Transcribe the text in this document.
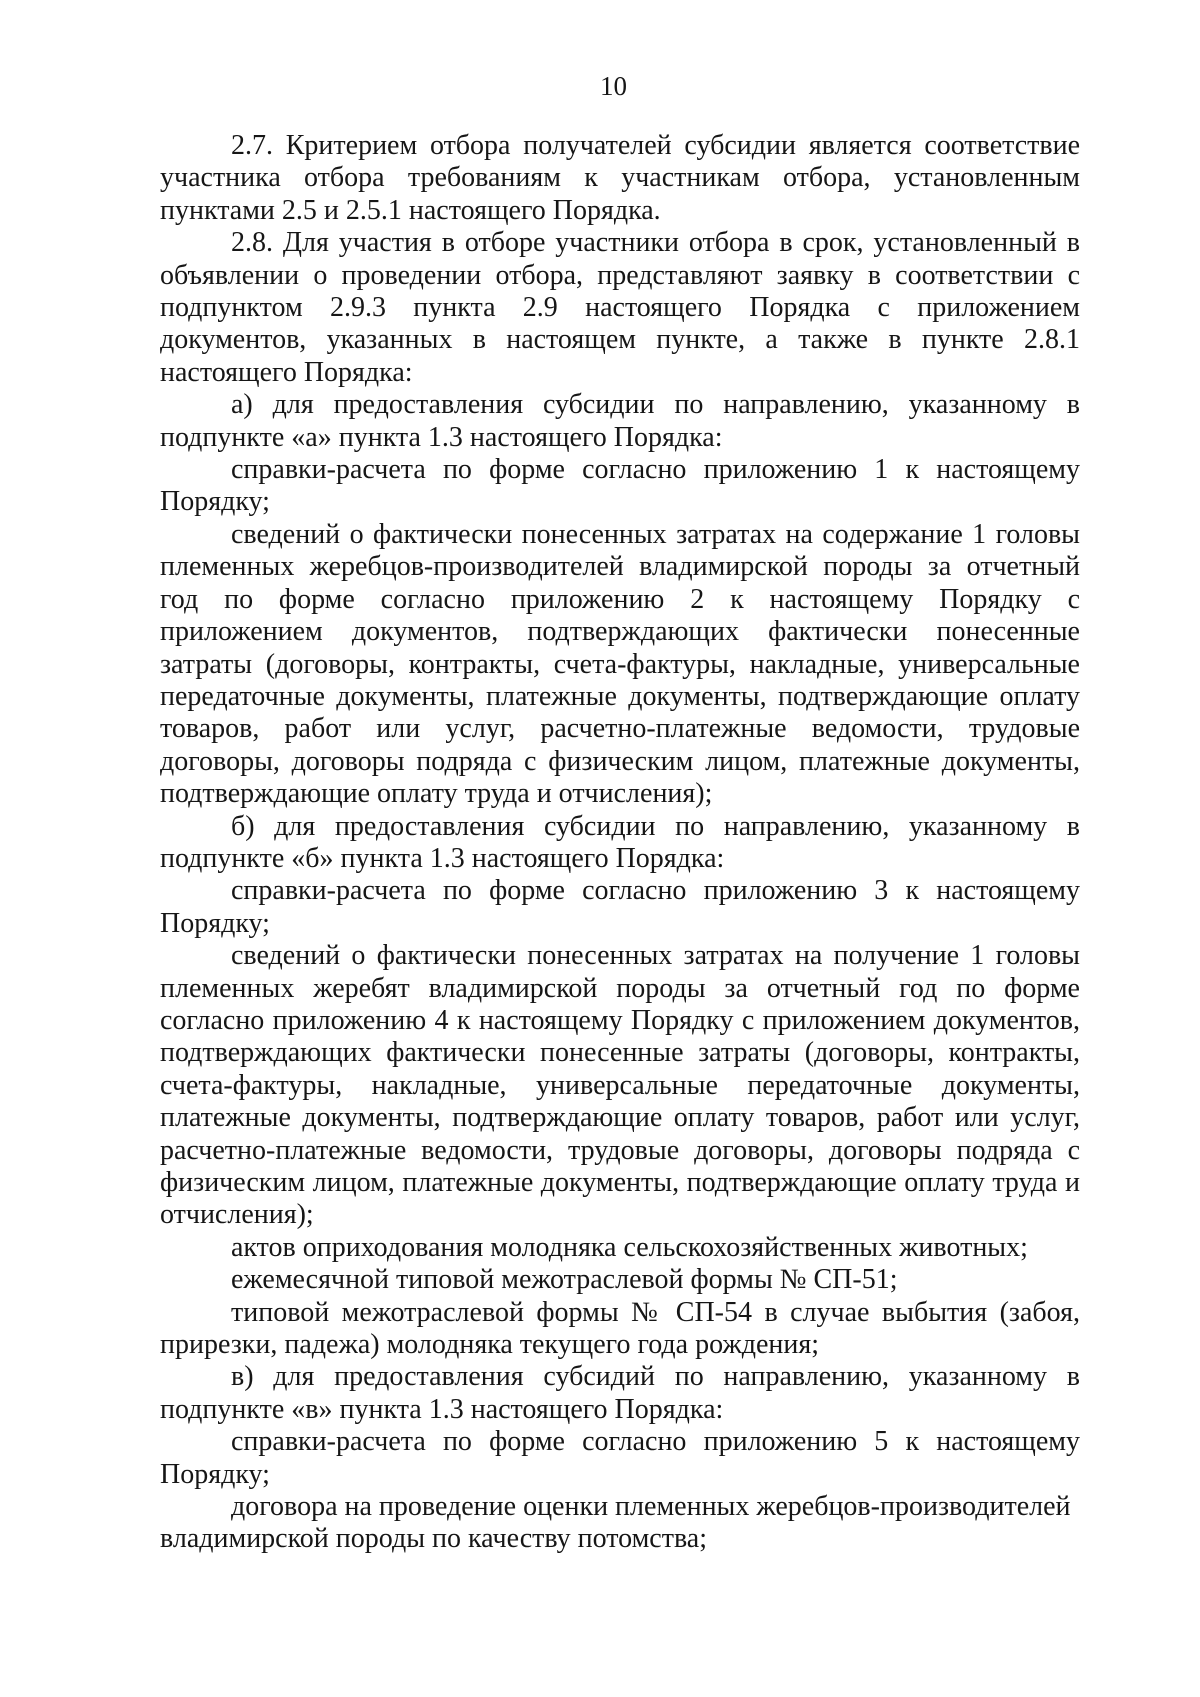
10

2.7. Критерием отбора получателей субсидии является соответствие участника отбора требованиям к участникам отбора, установленным пунктами 2.5 и 2.5.1 настоящего Порядка.

2.8. Для участия в отборе участники отбора в срок, установленный в объявлении о проведении отбора, представляют заявку в соответствии с подпунктом 2.9.3 пункта 2.9 настоящего Порядка с приложением документов, указанных в настоящем пункте, а также в пункте 2.8.1 настоящего Порядка:

а) для предоставления субсидии по направлению, указанному в подпункте «а» пункта 1.3 настоящего Порядка:

справки-расчета по форме согласно приложению 1 к настоящему Порядку;

сведений о фактически понесенных затратах на содержание 1 головы племенных жеребцов-производителей владимирской породы за отчетный год по форме согласно приложению 2 к настоящему Порядку с приложением документов, подтверждающих фактически понесенные затраты (договоры, контракты, счета-фактуры, накладные, универсальные передаточные документы, платежные документы, подтверждающие оплату товаров, работ или услуг, расчетно-платежные ведомости, трудовые договоры, договоры подряда с физическим лицом, платежные документы, подтверждающие оплату труда и отчисления);

б) для предоставления субсидии по направлению, указанному в подпункте «б» пункта 1.3 настоящего Порядка:

справки-расчета по форме согласно приложению 3 к настоящему Порядку;

сведений о фактически понесенных затратах на получение 1 головы племенных жеребят владимирской породы за отчетный год по форме согласно приложению 4 к настоящему Порядку с приложением документов, подтверждающих фактически понесенные затраты (договоры, контракты, счета-фактуры, накладные, универсальные передаточные документы, платежные документы, подтверждающие оплату товаров, работ или услуг, расчетно-платежные ведомости, трудовые договоры, договоры подряда с физическим лицом, платежные документы, подтверждающие оплату труда и отчисления);

актов оприходования молодняка сельскохозяйственных животных;

ежемесячной типовой межотраслевой формы № СП-51;

типовой межотраслевой формы № СП-54 в случае выбытия (забоя, прирезки, падежа) молодняка текущего года рождения;

в) для предоставления субсидий по направлению, указанному в подпункте «в» пункта 1.3 настоящего Порядка:

справки-расчета по форме согласно приложению 5 к настоящему Порядку;

договора на проведение оценки племенных жеребцов-производителей владимирской породы по качеству потомства;
